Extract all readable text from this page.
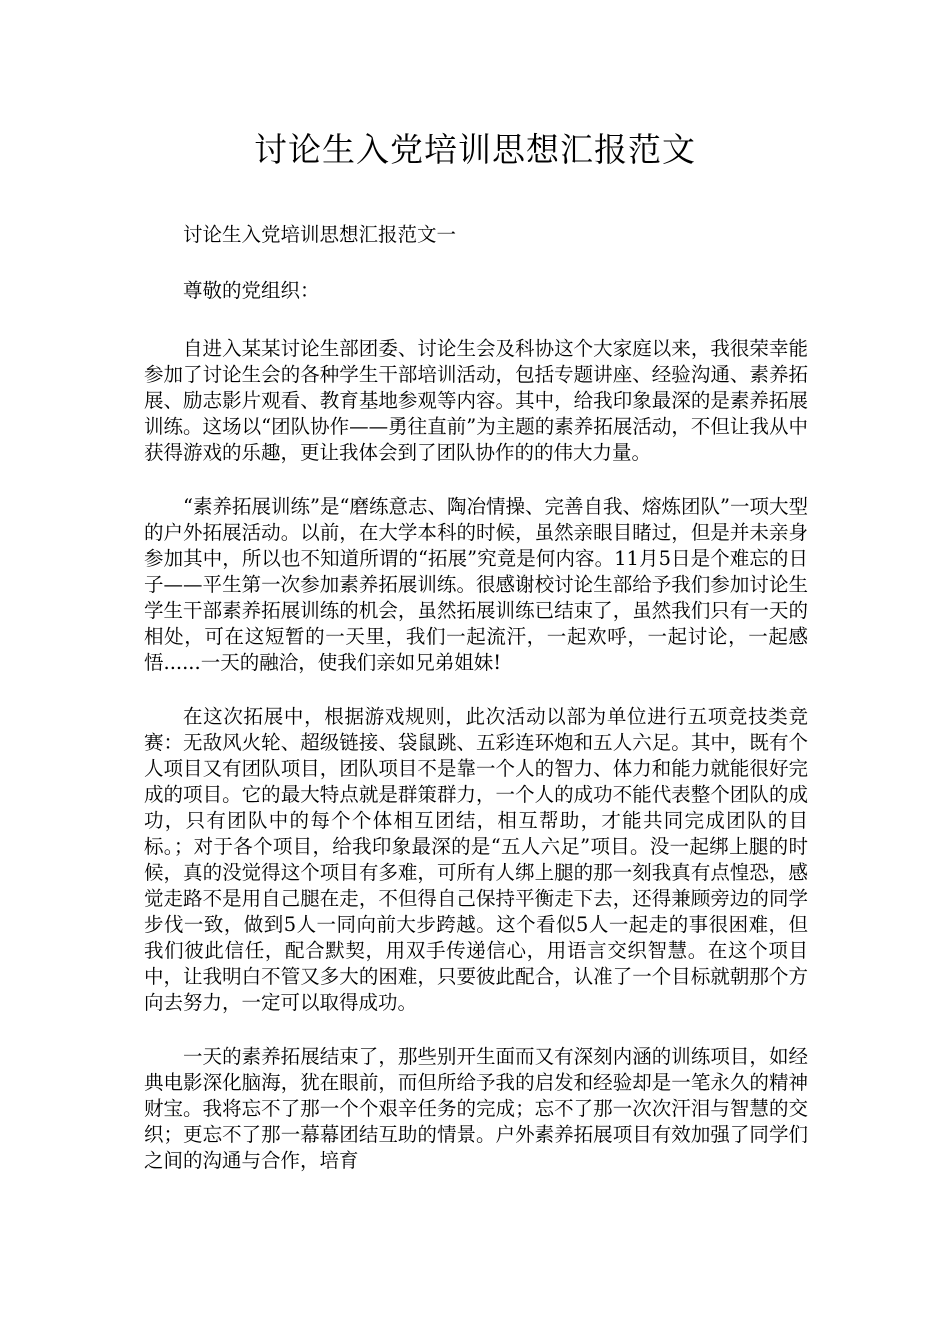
讨论生入党培训思想汇报范文

讨论生入党培训思想汇报范文一

尊敬的党组织：

自进入某某讨论生部团委、讨论生会及科协这个大家庭以来，我很荣幸能参加了讨论生会的各种学生干部培训活动，包括专题讲座、经验沟通、素养拓展、励志影片观看、教育基地参观等内容。其中，给我印象最深的是素养拓展训练。这场以“团队协作——勇往直前”为主题的素养拓展活动，不但让我从中获得游戏的乐趣，更让我体会到了团队协作的的伟大力量。

“素养拓展训练”是“磨练意志、陶冶情操、完善自我、熔炼团队”一项大型的户外拓展活动。以前，在大学本科的时候，虽然亲眼目睹过，但是并未亲身参加其中，所以也不知道所谓的“拓展”究竟是何内容。11月5日是个难忘的日子——平生第一次参加素养拓展训练。很感谢校讨论生部给予我们参加讨论生学生干部素养拓展训练的机会，虽然拓展训练已结束了，虽然我们只有一天的相处，可在这短暂的一天里，我们一起流汗，一起欢呼，一起讨论，一起感悟......一天的融洽，使我们亲如兄弟姐妹!

在这次拓展中，根据游戏规则，此次活动以部为单位进行五项竞技类竞赛：无敌风火轮、超级链接、袋鼠跳、五彩连环炮和五人六足。其中，既有个人项目又有团队项目，团队项目不是靠一个人的智力、体力和能力就能很好完成的项目。它的最大特点就是群策群力，一个人的成功不能代表整个团队的成功，只有团队中的每个个体相互团结，相互帮助，才能共同完成团队的目标。；对于各个项目，给我印象最深的是“五人六足”项目。没一起绑上腿的时候，真的没觉得这个项目有多难，可所有人绑上腿的那一刻我真有点惶恐，感觉走路不是用自己腿在走，不但得自己保持平衡走下去，还得兼顾旁边的同学步伐一致，做到5人一同向前大步跨越。这个看似5人一起走的事很困难，但我们彼此信任，配合默契，用双手传递信心，用语言交织智慧。在这个项目中，让我明白不管又多大的困难，只要彼此配合，认准了一个目标就朝那个方向去努力，一定可以取得成功。

一天的素养拓展结束了，那些别开生面而又有深刻内涵的训练项目，如经典电影深化脑海，犹在眼前，而但所给予我的启发和经验却是一笔永久的精神财宝。我将忘不了那一个个艰辛任务的完成；忘不了那一次次汗泪与智慧的交织；更忘不了那一幕幕团结互助的情景。户外素养拓展项目有效加强了同学们之间的沟通与合作，培育
